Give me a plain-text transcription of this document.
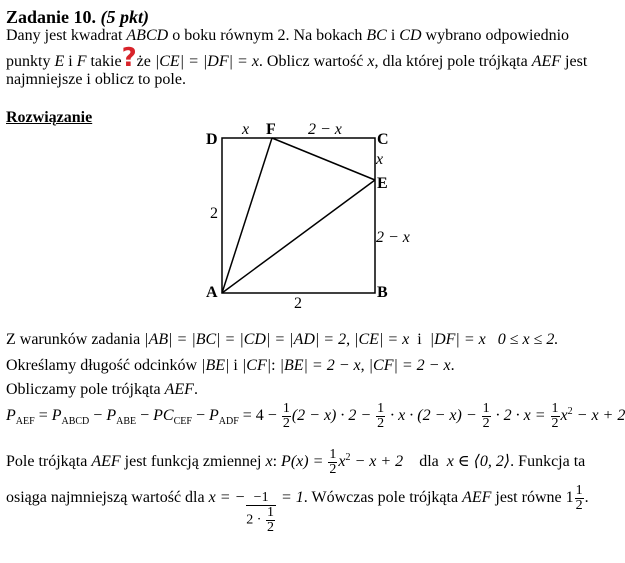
Zadanie 10. (5 pkt)
Dany jest kwadrat ABCD o boku równym 2. Na bokach BC i CD wybrano odpowiednio
punkty E i F takie?że |CE| = |DF| = x. Oblicz wartość x, dla której pole trójkąta AEF jest
najmniejsze i oblicz to pole.
Rozwiązanie
D
F
C
E
A	B
x	2 − x
x
2 − x
2
2
Z warunków zadania |AB| = |BC| = |CD| = |AD| = 2, |CE| = x i |DF| = x 0 ≤ x ≤ 2.
Określamy długość odcinków |BE| i |CF|: |BE| = 2 − x, |CF| = 2 − x.
Obliczamy pole trójkąta AEF.
$P_{AEF} = P_{ABCD} - P_{ABE} - PC_{CEF} - P_{ADF} = 4 - \frac{1}{2} (2 - x) \cdot 2 - \frac{1}{2} \cdot x \cdot (2 - x) - \frac{1}{2} \cdot 2 \cdot x = \frac{1}{2} x^2 - x + 2$
Pole trójkąta AEF jest funkcją zmiennej x: $P(x) = \frac{1}{2} x^2 - x + 2$ dla x ∈ ⟨0, 2⟩. Funkcja ta
osiąga najmniejszą wartość dla x = − $\frac{-1}{2 \cdot \frac{1}{2}} = 1$. Wówczas pole trójkąta AEF jest równe $1 \frac{1}{2}$ .
